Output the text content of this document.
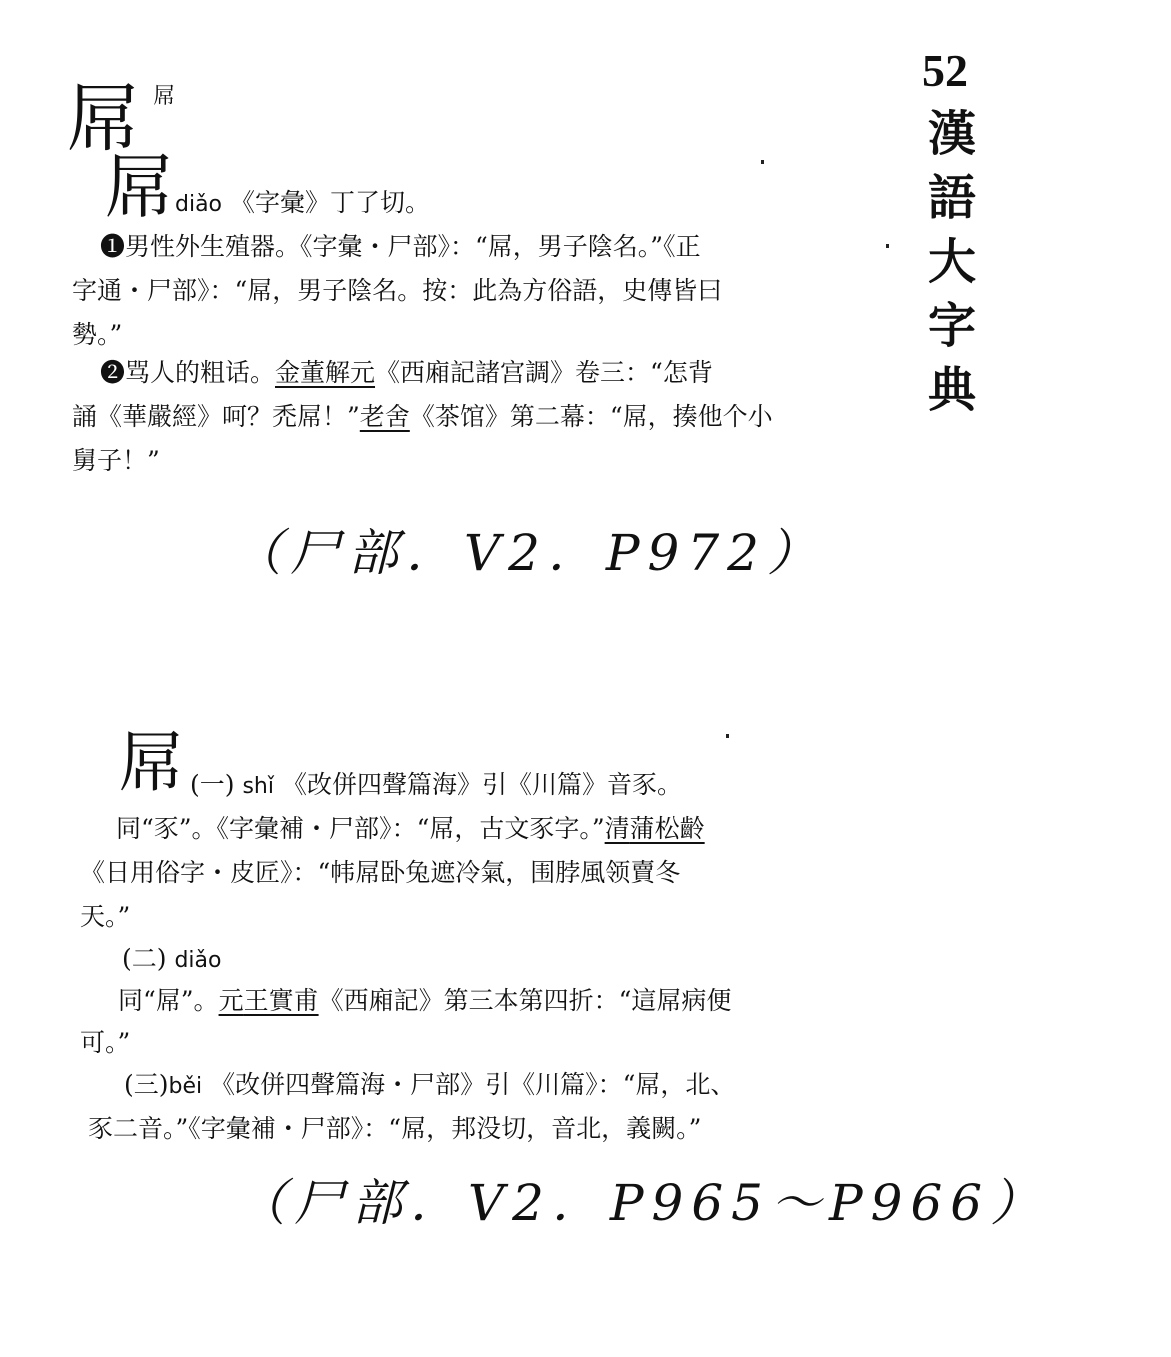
52
漢
語
大
字
典
屌 屌
屌 diǎo 《字彙》丁了切。
❶男性外生殖器。《字彙・尸部》：“屌，男子陰名。”《正
字通・尸部》：“屌，男子陰名。按：此為方俗語，史傳皆曰
勢。”
❷骂人的粗话。金董解元《西廂記諸宫調》卷三：“怎背
誦《華嚴經》呵？禿屌！”老舍《茶馆》第二幕：“屌，揍他个小
舅子！”
（尸部．V2．P972）
屌 (一) shǐ 《改併四聲篇海》引《川篇》音豕。
同“豕”。《字彙補・尸部》：“屌，古文豕字。”清蒲松齡
《日用俗字・皮匠》：“帏屌卧兔遮冷氣，围脖風领賣冬
天。”
(二) diǎo
同“屌”。元王實甫《西廂記》第三本第四折：“這屌病便
可。”
(三)běi 《改併四聲篇海・尸部》引《川篇》：“屌，北、
豕二音。”《字彙補・尸部》：“屌，邦没切，音北，義闕。”
（尸部．V2．P965～P966）
